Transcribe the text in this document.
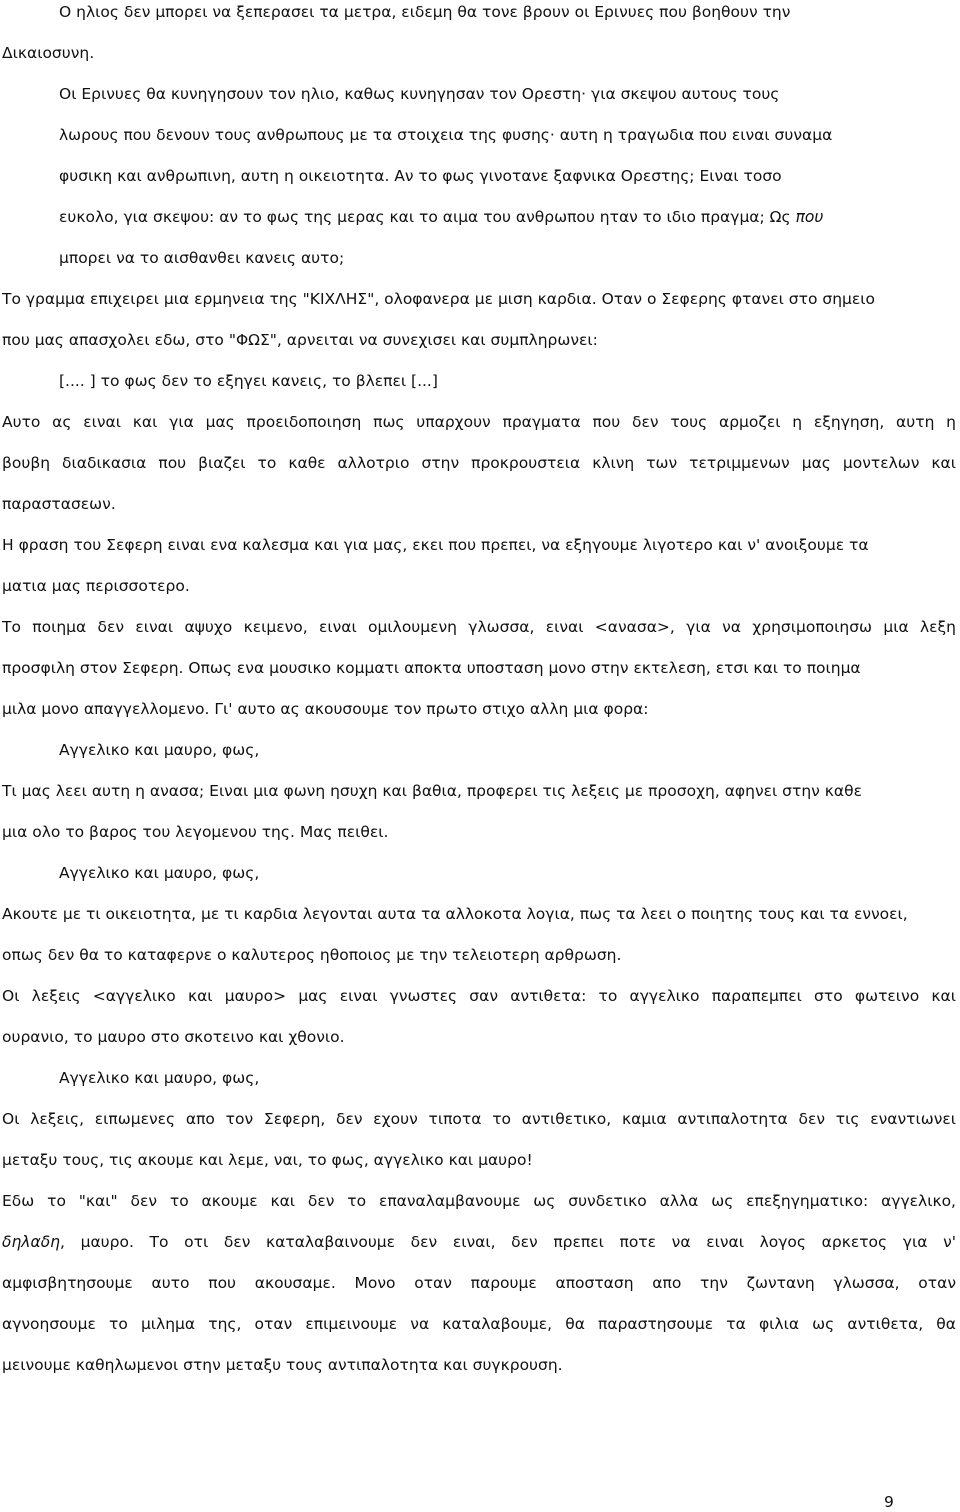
Ο ηλιος δεν μπορει να ξεπερασει τα μετρα, ειδεμη θα τονε βρουν οι Ερινυες που βοηθουν την
Δικαιοσυνη.
Οι Ερινυες θα κυνηγησουν τον ηλιο, καθως κυνηγησαν τον Ορεστη· για σκεψου αυτους τους
λωρους που δενουν τους ανθρωπους με τα στοιχεια της φυσης· αυτη η τραγωδια που ειναι συναμα
φυσικη και ανθρωπινη, αυτη η οικειοτητα. Αν το φως γινοτανε ξαφνικα Ορεστης; Ειναι τοσο
ευκολο, για σκεψου: αν το φως της μερας και το αιμα του ανθρωπου ηταν το ιδιο πραγμα; Ως που
μπορει να το αισθανθει κανεις αυτο;
Το γραμμα επιχειρει μια ερμηνεια της "ΚΙΧΛΗΣ", ολοφανερα με μιση καρδια. Οταν ο Σεφερης φτανει στο σημειο
που μας απασχολει εδω, στο "ΦΩΣ", αρνειται να συνεχισει και συμπληρωνει:
[.... ] το φως δεν το εξηγει κανεις, το βλεπει [...]
Αυτο ας ειναι και για μας προειδοποιηση πως υπαρχουν πραγματα που δεν τους αρμοζει η εξηγηση, αυτη η
βουβη διαδικασια που βιαζει το καθε αλλοτριο στην προκρουστεια κλινη των τετριμμενων μας μοντελων και
παραστασεων.
Η φραση του Σεφερη ειναι ενα καλεσμα και για μας, εκει που πρεπει, να εξηγουμε λιγοτερο και ν' ανοιξουμε τα
ματια μας περισσοτερο.
Το ποιημα δεν ειναι αψυχο κειμενο, ειναι ομιλουμενη γλωσσα, ειναι <ανασα>, για να χρησιμοποιησω μια λεξη
προσφιλη στον Σεφερη. Οπως ενα μουσικο κομματι αποκτα υποσταση μονο στην εκτελεση, ετσι και το ποιημα
μιλα μονο απαγγελλομενο. Γι' αυτο ας ακουσουμε τον πρωτο στιχο αλλη μια φορα:
Αγγελικο και μαυρο, φως,
Τι μας λεει αυτη η ανασα; Ειναι μια φωνη ησυχη και βαθια, προφερει τις λεξεις με προσοχη, αφηνει στην καθε
μια ολο το βαρος του λεγομενου της. Μας πειθει.
Αγγελικο και μαυρο, φως,
Ακουτε με τι οικειοτητα, με τι καρδια λεγονται αυτα τα αλλοκοτα λογια, πως τα λεει ο ποιητης τους και τα εννοει,
οπως δεν θα το καταφερνε ο καλυτερος ηθοποιος με την τελειοτερη αρθρωση.
Οι λεξεις <αγγελικο και μαυρο> μας ειναι γνωστες σαν αντιθετα: το αγγελικο παραπεμπει στο φωτεινο και
ουρανιο, το μαυρο στο σκοτεινο και χθονιο.
Αγγελικο και μαυρο, φως,
Οι λεξεις, ειπωμενες απο τον Σεφερη, δεν εχουν τιποτα το αντιθετικο, καμια αντιπαλοτητα δεν τις εναντιωνει
μεταξυ τους, τις ακουμε και λεμε, ναι, το φως, αγγελικο και μαυρο!
Εδω το "και" δεν το ακουμε και δεν το επαναλαμβανουμε ως συνδετικο αλλα ως επεξηγηματικο: αγγελικο,
δηλαδη, μαυρο. Το οτι δεν καταλαβαινουμε δεν ειναι, δεν πρεπει ποτε να ειναι λογος αρκετος για ν'
αμφισβητησουμε αυτο που ακουσαμε. Μονο οταν παρουμε αποσταση απο την ζωντανη γλωσσα, οταν
αγνοησουμε το μιλημα της, οταν επιμεινουμε να καταλαβουμε, θα παραστησουμε τα φιλια ως αντιθετα, θα
μεινουμε καθηλωμενοι στην μεταξυ τους αντιπαλοτητα και συγκρουση.
9
